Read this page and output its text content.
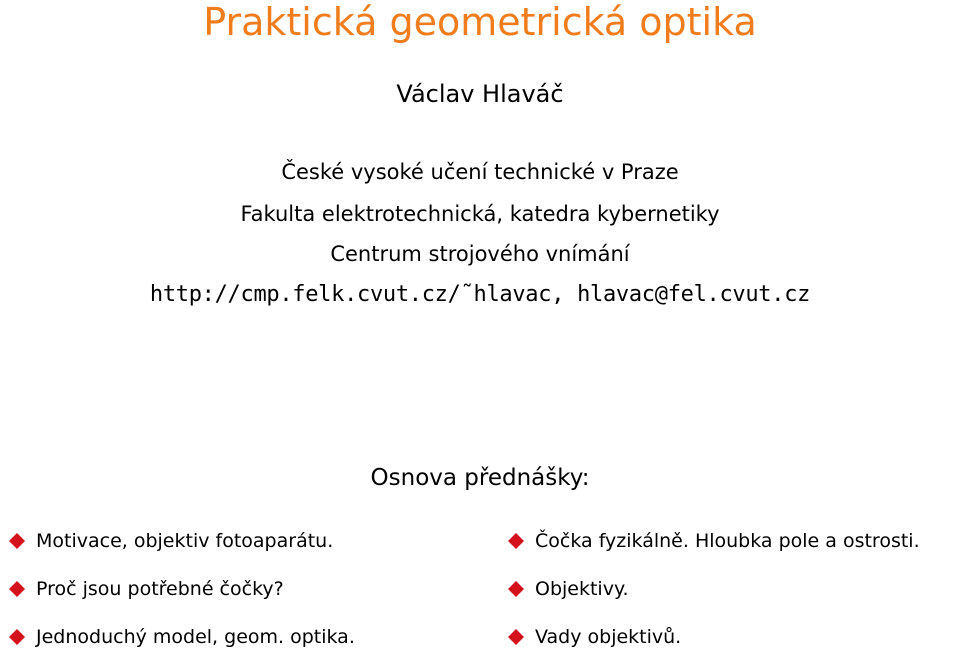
Praktická geometrická optika
Václav Hlaváč
České vysoké učení technické v Praze
Fakulta elektrotechnická, katedra kybernetiky
Centrum strojového vnímání
http://cmp.felk.cvut.cz/˜hlavac, hlavac@fel.cvut.cz
Osnova přednášky:
Motivace, objektiv fotoaparátu.
Proč jsou potřebné čočky?
Jednoduchý model, geom. optika.
Čočka fyzikálně. Hloubka pole a ostrosti.
Objektivy.
Vady objektivů.
